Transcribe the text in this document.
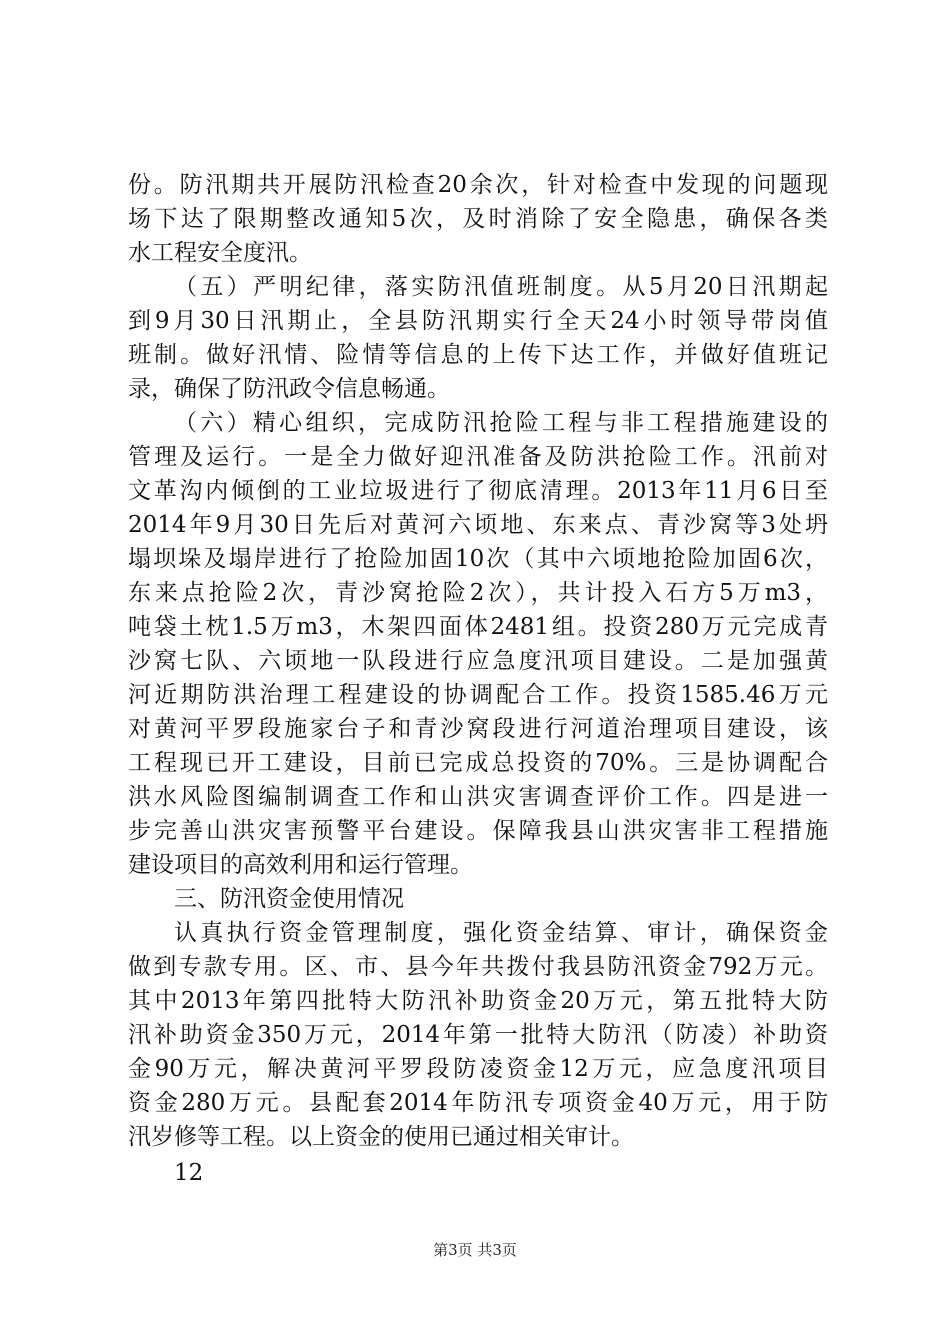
份。防汛期共开展防汛检查20余次，针对检查中发现的问题现
场下达了限期整改通知5次，及时消除了安全隐患，确保各类
水工程安全度汛。
（五）严明纪律，落实防汛值班制度。从5月20日汛期起
到9月30日汛期止，全县防汛期实行全天24小时领导带岗值
班制。做好汛情、险情等信息的上传下达工作，并做好值班记
录，确保了防汛政令信息畅通。
（六）精心组织，完成防汛抢险工程与非工程措施建设的
管理及运行。一是全力做好迎汛准备及防洪抢险工作。汛前对
文革沟内倾倒的工业垃圾进行了彻底清理。2013年11月6日至
2014年9月30日先后对黄河六顷地、东来点、青沙窝等3处坍
塌坝垛及塌岸进行了抢险加固10次（其中六顷地抢险加固6次，
东来点抢险2次，青沙窝抢险2次），共计投入石方5万m3，
吨袋土枕1.5万m3，木架四面体2481组。投资280万元完成青
沙窝七队、六顷地一队段进行应急度汛项目建设。二是加强黄
河近期防洪治理工程建设的协调配合工作。投资1585.46万元
对黄河平罗段施家台子和青沙窝段进行河道治理项目建设，该
工程现已开工建设，目前已完成总投资的70%。三是协调配合
洪水风险图编制调查工作和山洪灾害调查评价工作。四是进一
步完善山洪灾害预警平台建设。保障我县山洪灾害非工程措施
建设项目的高效利用和运行管理。
三、防汛资金使用情况
认真执行资金管理制度，强化资金结算、审计，确保资金
做到专款专用。区、市、县今年共拨付我县防汛资金792万元。
其中2013年第四批特大防汛补助资金20万元，第五批特大防
汛补助资金350万元，2014年第一批特大防汛（防凌）补助资
金90万元，解决黄河平罗段防凌资金12万元，应急度汛项目
资金280万元。县配套2014年防汛专项资金40万元，用于防
汛岁修等工程。以上资金的使用已通过相关审计。
12
第3页 共3页
